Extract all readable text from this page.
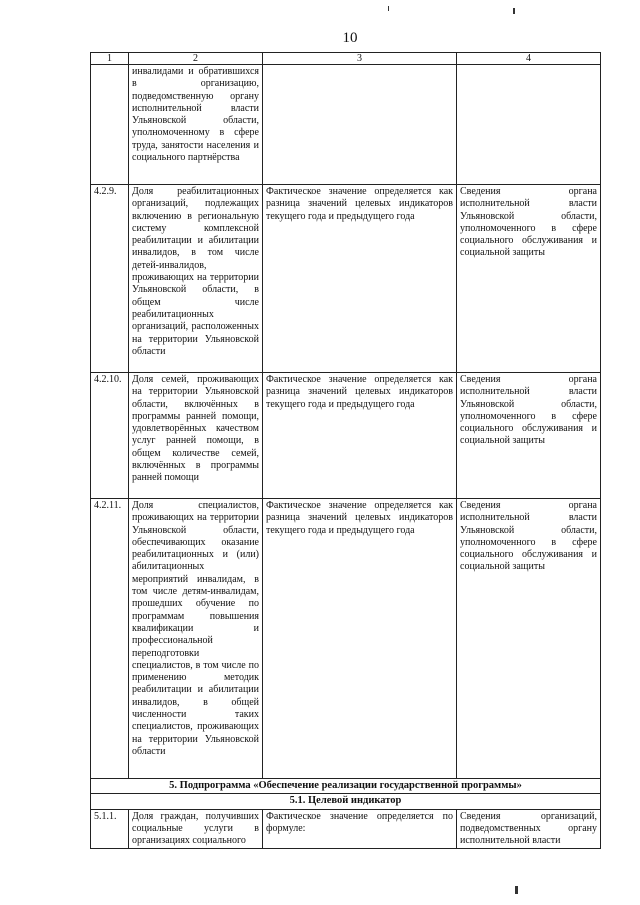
10
1	2	3	4
	инвалидами и обратившихся в организацию, подведомственную органу исполнительной власти Ульяновской области, уполномоченному в сфере труда, занятости населения и социального партнёрства		
4.2.9.	Доля реабилитационных организаций, подлежащих включению в региональную систему комплексной реабилитации и абилитации инвалидов, в том числе детей-инвалидов, проживающих на территории Ульяновской области, в общем числе реабилитационных организаций, расположенных на территории Ульяновской области	Фактическое значение определяется как разница значений целевых индикаторов текущего года и предыдущего года	Сведения органа исполнительной власти Ульяновской области, уполномоченного в сфере социального обслуживания и социальной защиты
4.2.10.	Доля семей, проживающих на территории Ульяновской области, включённых в программы ранней помощи, удовлетворённых качеством услуг ранней помощи, в общем количестве семей, включённых в программы ранней помощи	Фактическое значение определяется как разница значений целевых индикаторов текущего года и предыдущего года	Сведения органа исполнительной власти Ульяновской области, уполномоченного в сфере социального обслуживания и социальной защиты
4.2.11.	Доля специалистов, проживающих на территории Ульяновской области, обеспечивающих оказание реабилитационных и (или) абилитационных мероприятий инвалидам, в том числе детям-инвалидам, прошедших обучение по программам повышения квалификации и профессиональной переподготовки специалистов, в том числе по применению методик реабилитации и абилитации инвалидов, в общей численности таких специалистов, проживающих на территории Ульяновской области	Фактическое значение определяется как разница значений целевых индикаторов текущего года и предыдущего года	Сведения органа исполнительной власти Ульяновской области, уполномоченного в сфере социального обслуживания и социальной защиты
5. Подпрограмма «Обеспечение реализации государственной программы»			
5.1. Целевой индикатор			
5.1.1.	Доля граждан, получивших социальные услуги в организациях социального	Фактическое значение определяется по формуле:	Сведения организаций, подведомственных органу исполнительной власти
